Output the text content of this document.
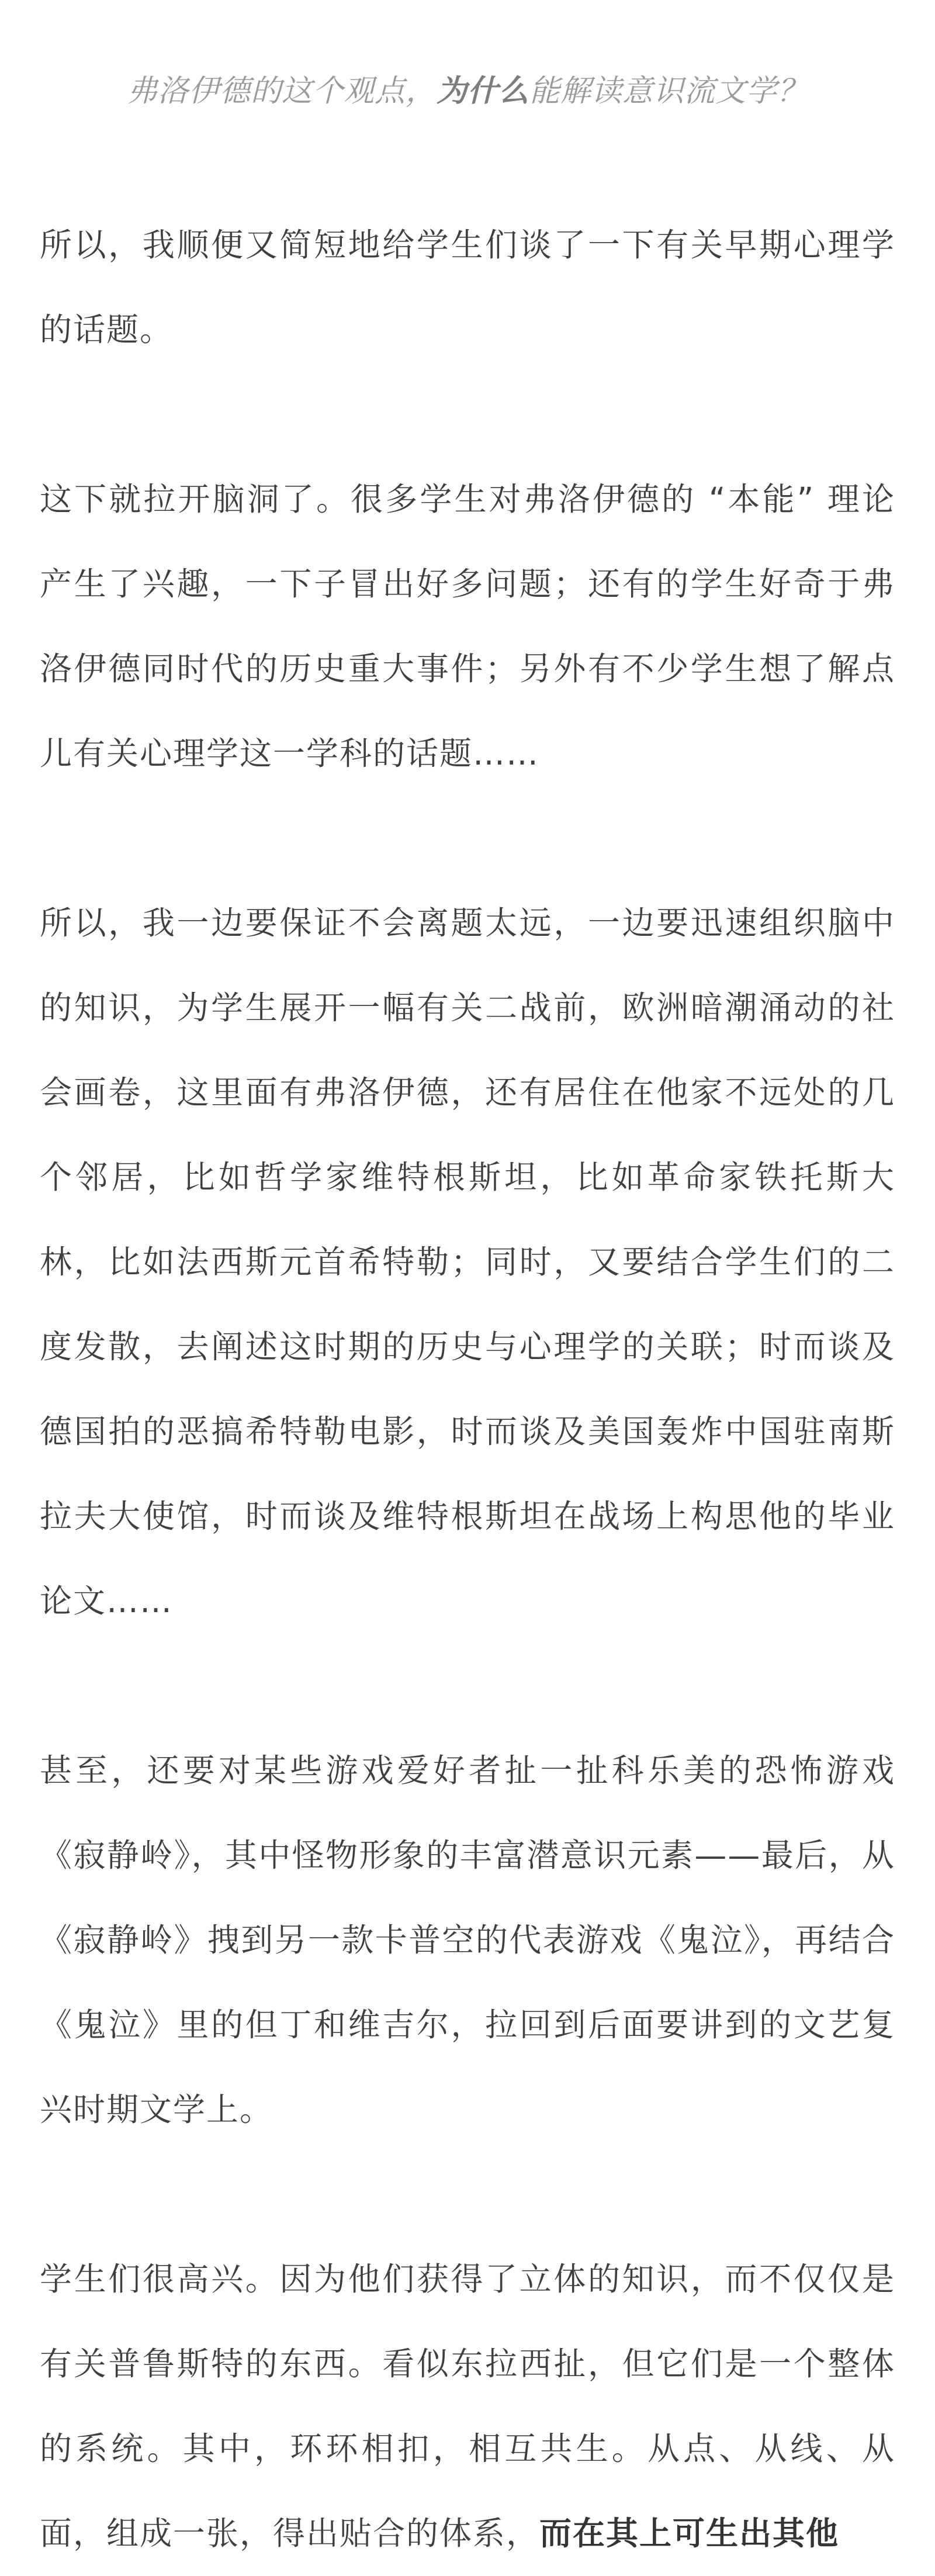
弗洛伊德的这个观点，为什么能解读意识流文学？

所以，我顺便又简短地给学生们谈了一下有关早期心理学的话题。

这下就拉开脑洞了。很多学生对弗洛伊德的 “本能” 理论产生了兴趣，一下子冒出好多问题；还有的学生好奇于弗洛伊德同时代的历史重大事件；另外有不少学生想了解点儿有关心理学这一学科的话题……

所以，我一边要保证不会离题太远，一边要迅速组织脑中的知识，为学生展开一幅有关二战前，欧洲暗潮涌动的社会画卷，这里面有弗洛伊德，还有居住在他家不远处的几个邻居，比如哲学家维特根斯坦，比如革命家铁托斯大林，比如法西斯元首希特勒；同时，又要结合学生们的二度发散，去阐述这时期的历史与心理学的关联；时而谈及德国拍的恶搞希特勒电影，时而谈及美国轰炸中国驻南斯拉夫大使馆，时而谈及维特根斯坦在战场上构思他的毕业论文……

甚至，还要对某些游戏爱好者扯一扯科乐美的恐怖游戏《寂静岭》，其中怪物形象的丰富潜意识元素——最后，从《寂静岭》拽到另一款卡普空的代表游戏《鬼泣》，再结合《鬼泣》里的但丁和维吉尔，拉回到后面要讲到的文艺复兴时期文学上。

学生们很高兴。因为他们获得了立体的知识，而不仅仅是有关普鲁斯特的东西。看似东拉西扯，但它们是一个整体的系统。其中，环环相扣，相互共生。从点、从线、从面，组成一张，得出贴合的体系，而在其上可生出其他
